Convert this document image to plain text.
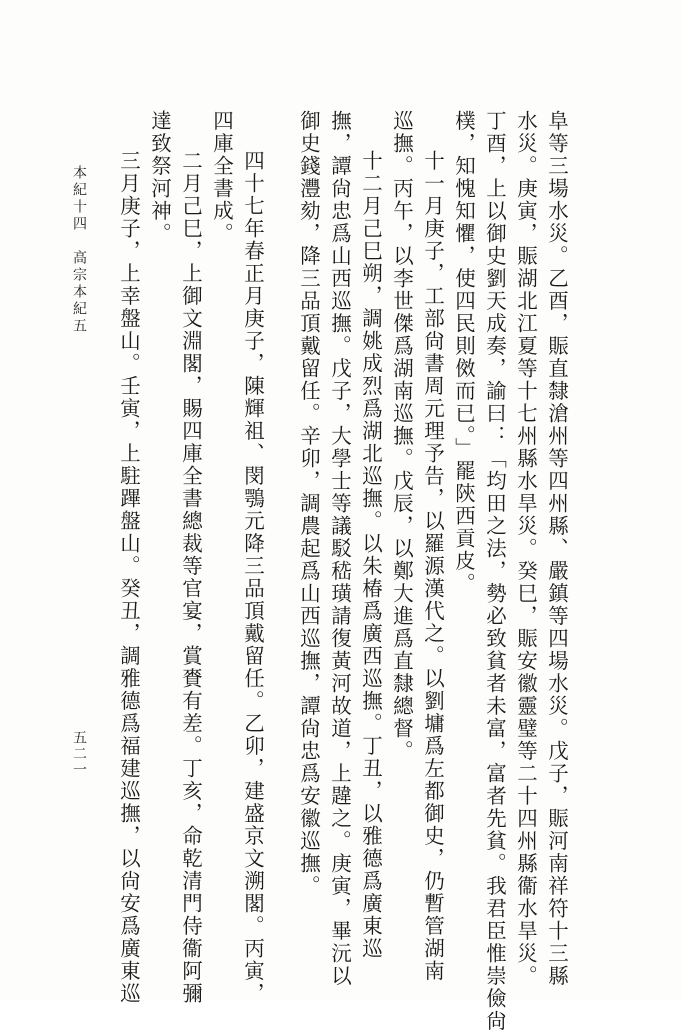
阜等三場水災。乙酉，賑直隸滄州等四州縣、嚴鎮等四場水災。戊子，賑河南祥符十三縣

水災。庚寅，賑湖北江夏等十七州縣水旱災。癸巳，賑安徽靈璧等二十四州縣衞水旱災。

丁酉，上以御史劉天成奏，諭曰：「均田之法，勢必致貧者未富，富者先貧。我君臣惟崇儉尙

樸，知愧知懼，使四民則傚而已。」罷陝西貢皮。

十一月庚子，工部尙書周元理予告，以羅源漢代之。以劉墉爲左都御史，仍暫管湖南

巡撫。丙午，以李世傑爲湖南巡撫。戊辰，以鄭大進爲直隸總督。

十二月己巳朔，調姚成烈爲湖北巡撫。以朱椿爲廣西巡撫。丁丑，以雅德爲廣東巡

撫，譚尙忠爲山西巡撫。戊子，大學士等議駁嵇璜請復黃河故道，上韙之。庚寅，畢沅以

御史錢灃劾，降三品頂戴留任。辛卯，調農起爲山西巡撫，譚尙忠爲安徽巡撫。

四十七年春正月庚子，陳輝祖、閔鶚元降三品頂戴留任。乙卯，建盛京文溯閣。丙寅，

四庫全書成。

二月己巳，上御文淵閣，賜四庫全書總裁等官宴，賞賚有差。丁亥，命乾清門侍衞阿彌

達致祭河神。

三月庚子，上幸盤山。壬寅，上駐蹕盤山。癸丑，調雅德爲福建巡撫，以尙安爲廣東巡

本紀十四　高宗本紀五
五二一
